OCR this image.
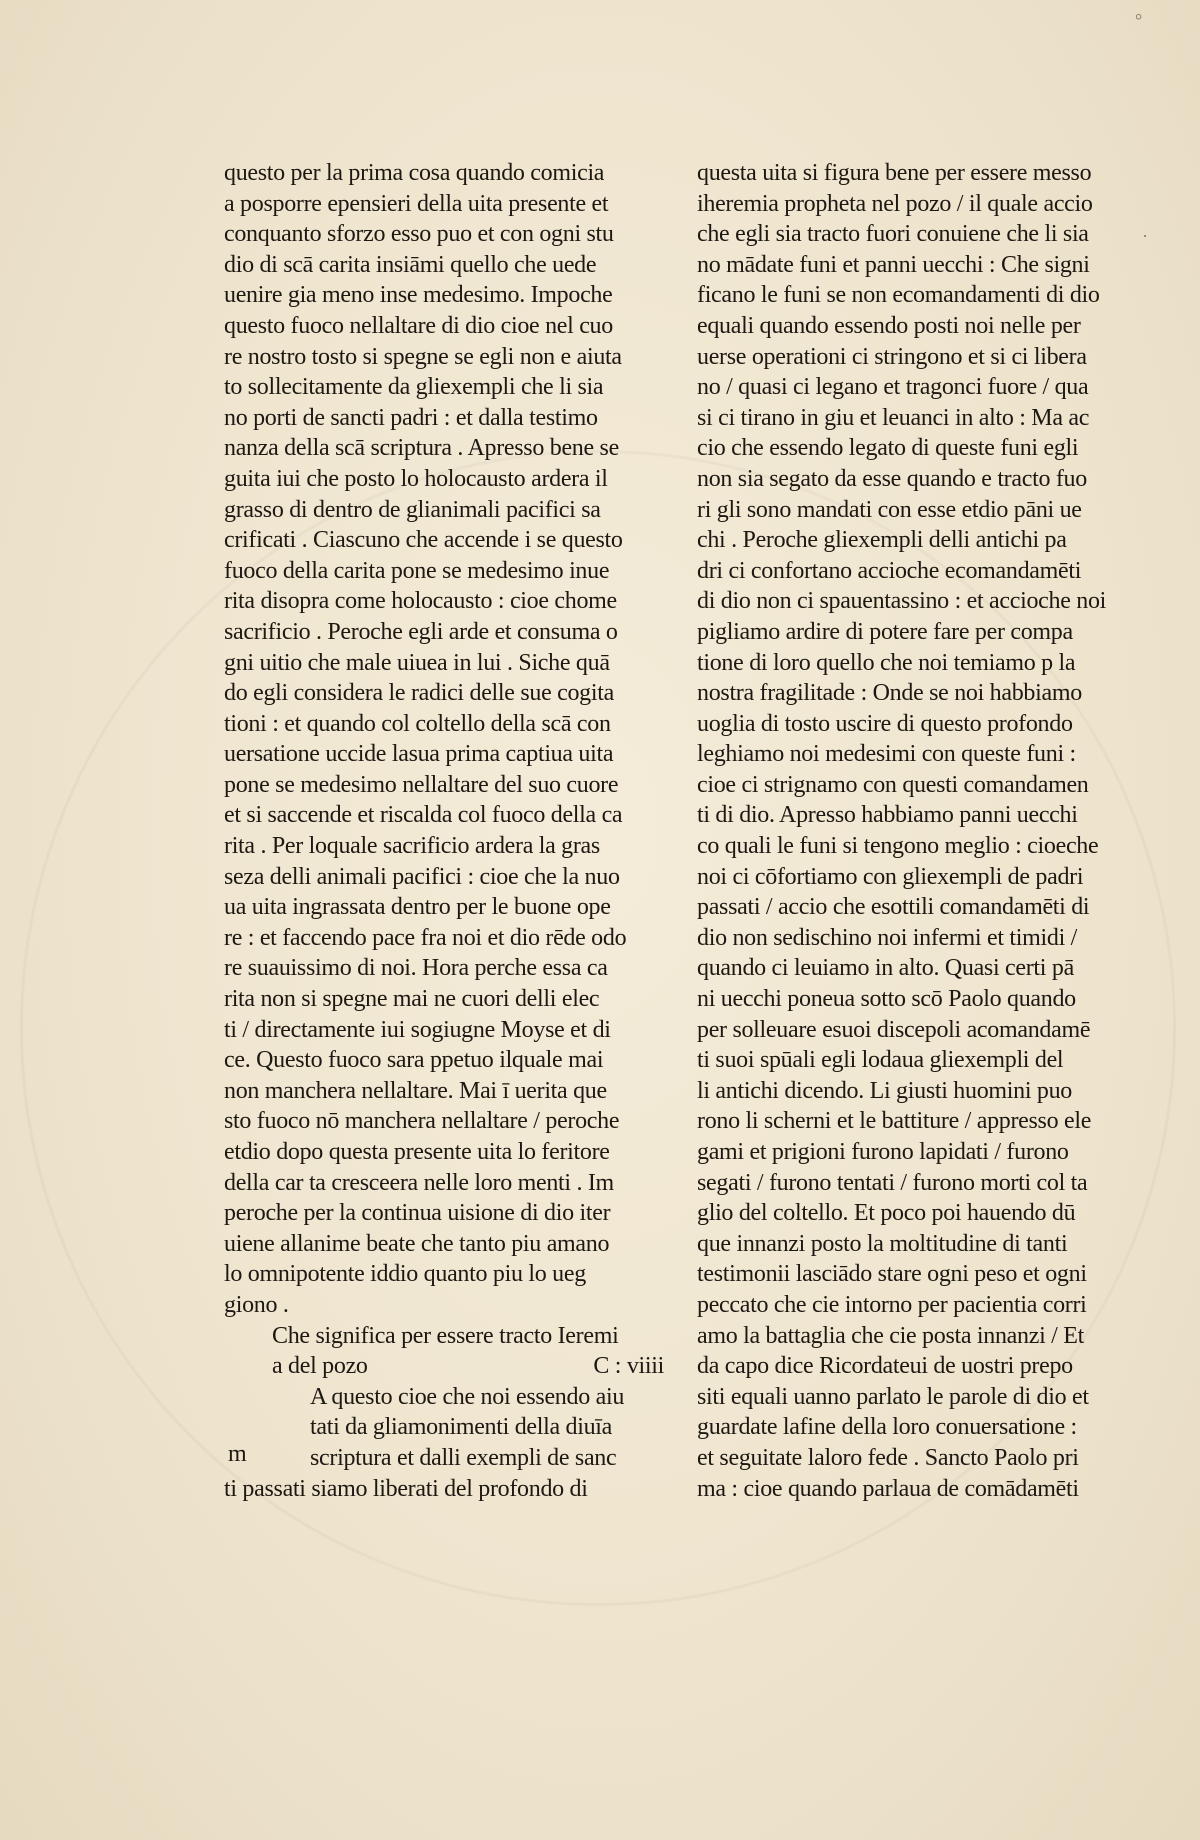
°
·
questo per la prima cosa quando comicia
a posporre epensieri della uita presente et
conquanto sforzo esso puo et con ogni stu
dio di scā carita insiāmi quello che uede
uenire gia meno inse medesimo. Impoche
questo fuoco nellaltare di dio cioe nel cuo
re nostro tosto si spegne se egli non e aiuta
to sollecitamente da gliexempli che li sia
no porti de sancti padri : et dalla testimo
nanza della scā scriptura . Apresso bene se
guita iui che posto lo holocausto ardera il
grasso di dentro de glianimali pacifici sa
crificati . Ciascuno che accende i se questo
fuoco della carita pone se medesimo inue
rita disopra come holocausto : cioe chome
sacrificio . Peroche egli arde et consuma o
gni uitio che male uiuea in lui . Siche quā
do egli considera le radici delle sue cogita
tioni : et quando col coltello della scā con
uersatione uccide lasua prima captiua uita
pone se medesimo nellaltare del suo cuore
et si saccende et riscalda col fuoco della ca
rita . Per loquale sacrificio ardera la gras
seza delli animali pacifici : cioe che la nuo
ua uita ingrassata dentro per le buone ope
re : et faccendo pace fra noi et dio rēde odo
re suauissimo di noi. Hora perche essa ca
rita non si spegne mai ne cuori delli elec
ti / directamente iui sogiugne Moyse et di
ce. Questo fuoco sara ppetuo ilquale mai
non manchera nellaltare. Mai ī uerita que
sto fuoco nō manchera nellaltare / peroche
etdio dopo questa presente uita lo feritore
della car ta cresceera nelle loro menti . Im
peroche per la continua uisione di dio iter
uiene allanime beate che tanto piu amano
lo omnipotente iddio quanto piu lo ueg
giono .
Che significa per essere tracto Ieremi
a del pozo	C : viiii
A questo cioe che noi essendo aiu
tati da gliamonimenti della diuīa
scriptura et dalli exempli de sanc
ti passati siamo liberati del profondo di
m
questa uita si figura bene per essere messo
iheremia propheta nel pozo / il quale accio
che egli sia tracto fuori conuiene che li sia
no mādate funi et panni uecchi : Che signi
ficano le funi se non ecomandamenti di dio
equali quando essendo posti noi nelle per
uerse operationi ci stringono et si ci libera
no / quasi ci legano et tragonci fuore / qua
si ci tirano in giu et leuanci in alto : Ma ac
cio che essendo legato di queste funi egli
non sia segato da esse quando e tracto fuo
ri gli sono mandati con esse etdio pāni ue
chi . Peroche gliexempli delli antichi pa
dri ci confortano accioche ecomandamēti
di dio non ci spauentassino : et accioche noi
pigliamo ardire di potere fare per compa
tione di loro quello che noi temiamo p la
nostra fragilitade : Onde se noi habbiamo
uoglia di tosto uscire di questo profondo
leghiamo noi medesimi con queste funi :
cioe ci strignamo con questi comandamen
ti di dio. Apresso habbiamo panni uecchi
co quali le funi si tengono meglio : cioeche
noi ci cōfortiamo con gliexempli de padri
passati / accio che esottili comandamēti di
dio non sedischino noi infermi et timidi /
quando ci leuiamo in alto. Quasi certi pā
ni uecchi poneua sotto scō Paolo quando
per solleuare esuoi discepoli acomandamē
ti suoi spūali egli lodaua gliexempli del
li antichi dicendo. Li giusti huomini puo
rono li scherni et le battiture / appresso ele
gami et prigioni furono lapidati / furono
segati / furono tentati / furono morti col ta
glio del coltello. Et poco poi hauendo dū
que innanzi posto la moltitudine di tanti
testimonii lasciādo stare ogni peso et ogni
peccato che cie intorno per pacientia corri
amo la battaglia che cie posta innanzi / Et
da capo dice Ricordateui de uostri prepo
siti equali uanno parlato le parole di dio et
guardate lafine della loro conuersatione :
et seguitate laloro fede . Sancto Paolo pri
ma : cioe quando parlaua de comādamēti
